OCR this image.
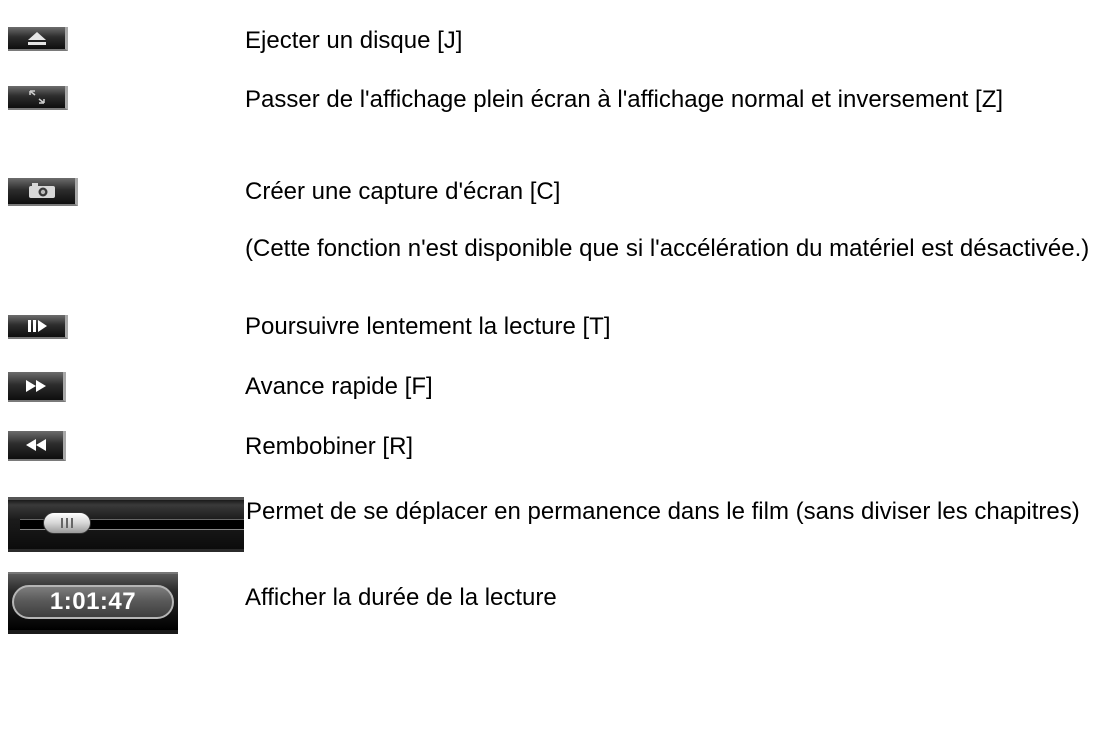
Ejecter un disque [J]

Passer de l'affichage plein écran à l'affichage normal et inversement [Z]

Créer une capture d'écran [C]

(Cette fonction n'est disponible que si l'accélération du matériel est désactivée.)

Poursuivre lentement la lecture [T]

Avance rapide [F]

Rembobiner [R]

Permet de se déplacer en permanence dans le film (sans diviser les chapitres)

1:01:47	Afficher la durée de la lecture
